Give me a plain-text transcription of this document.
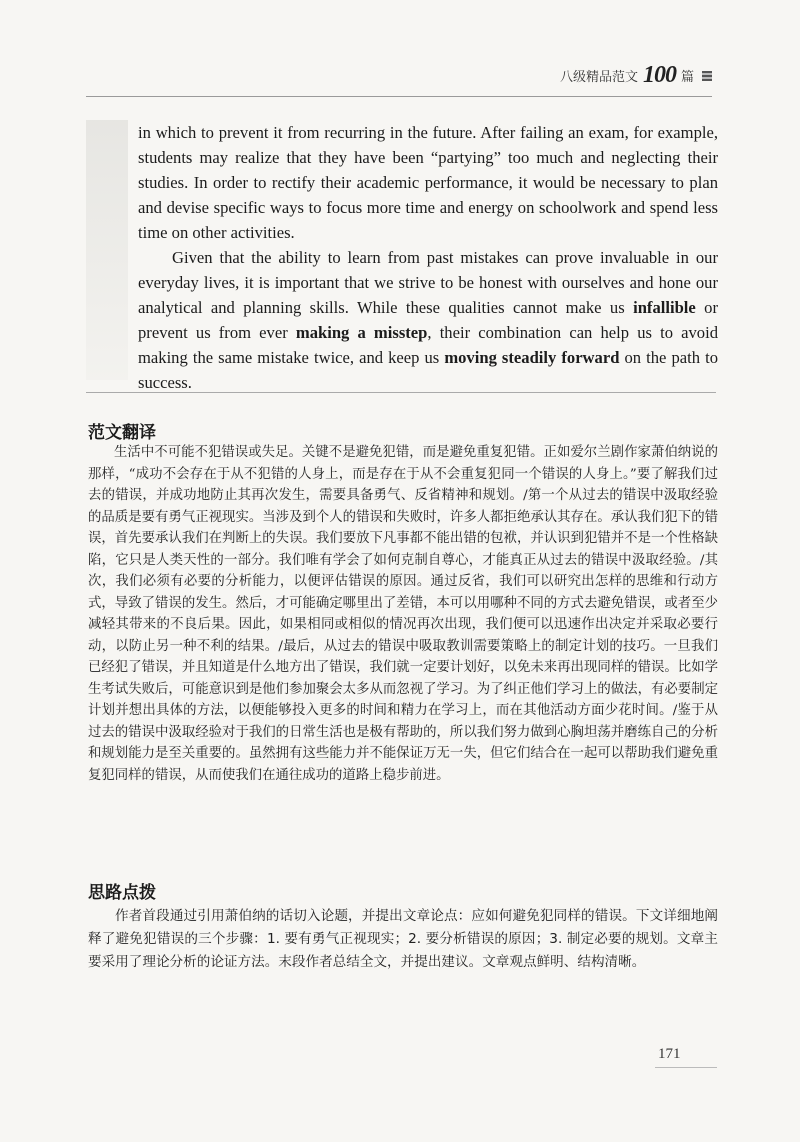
八级精品范文 100 篇

in which to prevent it from recurring in the future. After failing an exam, for example, students may realize that they have been “partying” too much and neglecting their studies. In order to rectify their academic performance, it would be necessary to plan and devise specific ways to focus more time and energy on schoolwork and spend less time on other activities.

Given that the ability to learn from past mistakes can prove invaluable in our everyday lives, it is important that we strive to be honest with ourselves and hone our analytical and planning skills. While these qualities cannot make us infallible or prevent us from ever making a misstep, their combination can help us to avoid making the same mistake twice, and keep us moving steadily forward on the path to success.

范文翻译

生活中不可能不犯错误或失足。关键不是避免犯错，而是避免重复犯错。正如爱尔兰剧作家萧伯纳说的那样，“成功不会存在于从不犯错的人身上，而是存在于从不会重复犯同一个错误的人身上。”要了解我们过去的错误，并成功地防止其再次发生，需要具备勇气、反省精神和规划。/第一个从过去的错误中汲取经验的品质是要有勇气正视现实。当涉及到个人的错误和失败时，许多人都拒绝承认其存在。承认我们犯下的错误，首先要承认我们在判断上的失误。我们要放下凡事都不能出错的包袱，并认识到犯错并不是一个性格缺陷，它只是人类天性的一部分。我们唯有学会了如何克制自尊心，才能真正从过去的错误中汲取经验。/其次，我们必须有必要的分析能力，以便评估错误的原因。通过反省，我们可以研究出怎样的思维和行动方式，导致了错误的发生。然后，才可能确定哪里出了差错，本可以用哪种不同的方式去避免错误，或者至少减轻其带来的不良后果。因此，如果相同或相似的情况再次出现，我们便可以迅速作出决定并采取必要行动，以防止另一种不利的结果。/最后，从过去的错误中吸取教训需要策略上的制定计划的技巧。一旦我们已经犯了错误，并且知道是什么地方出了错误，我们就一定要计划好，以免未来再出现同样的错误。比如学生考试失败后，可能意识到是他们参加聚会太多从而忽视了学习。为了纠正他们学习上的做法，有必要制定计划并想出具体的方法，以便能够投入更多的时间和精力在学习上，而在其他活动方面少花时间。/鉴于从过去的错误中汲取经验对于我们的日常生活也是极有帮助的，所以我们努力做到心胸坦荡并磨练自己的分析和规划能力是至关重要的。虽然拥有这些能力并不能保证万无一失，但它们结合在一起可以帮助我们避免重复犯同样的错误，从而使我们在通往成功的道路上稳步前进。

思路点拨

作者首段通过引用萧伯纳的话切入论题，并提出文章论点：应如何避免犯同样的错误。下文详细地阐释了避免犯错误的三个步骤：1. 要有勇气正视现实；2. 要分析错误的原因；3. 制定必要的规划。文章主要采用了理论分析的论证方法。末段作者总结全文，并提出建议。文章观点鲜明、结构清晰。

171
